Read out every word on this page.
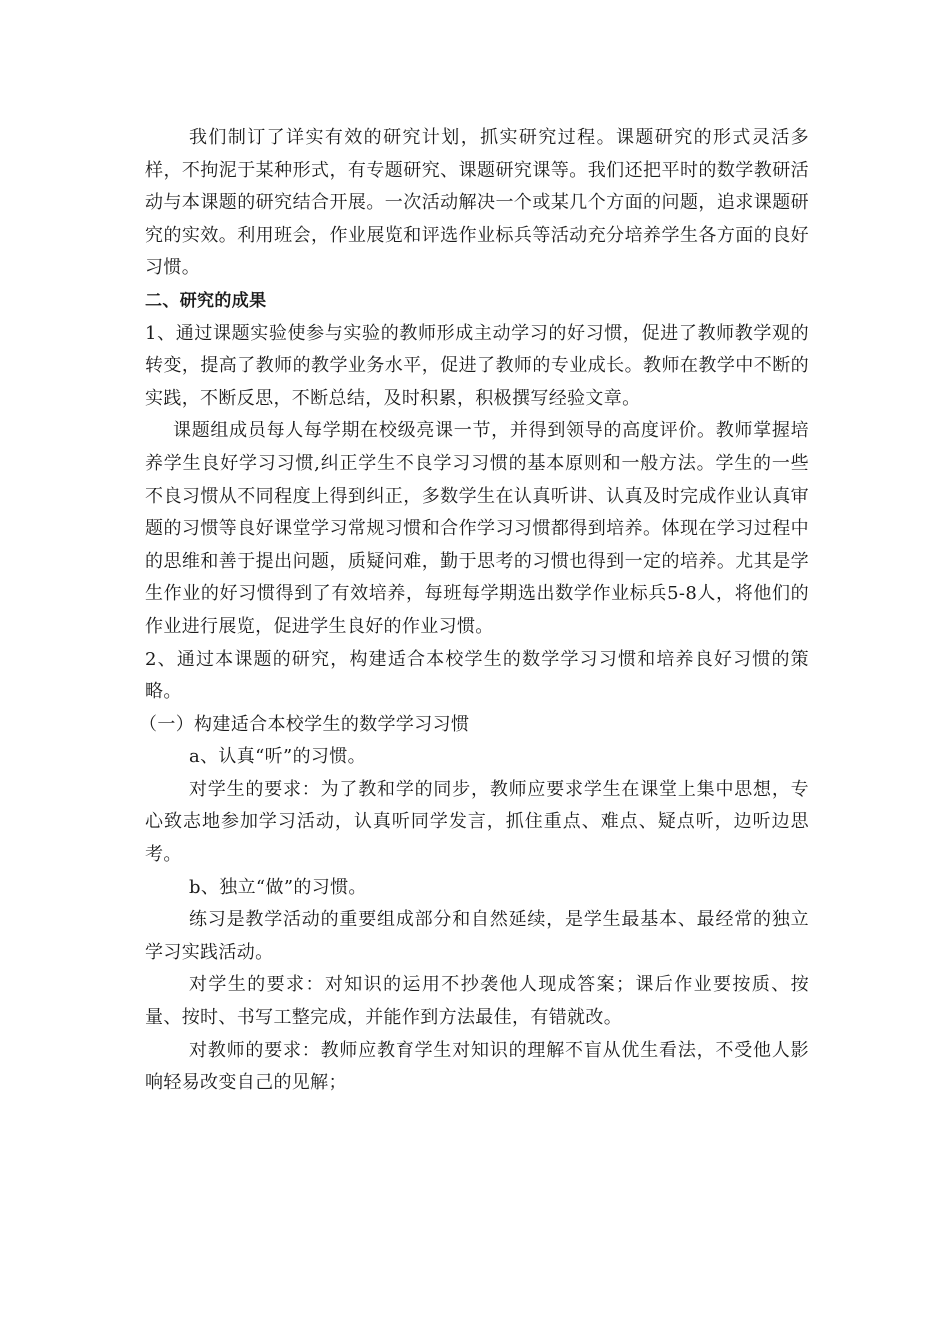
我们制订了详实有效的研究计划，抓实研究过程。课题研究的形式灵活多样，不拘泥于某种形式，有专题研究、课题研究课等。我们还把平时的数学教研活动与本课题的研究结合开展。一次活动解决一个或某几个方面的问题，追求课题研究的实效。利用班会，作业展览和评选作业标兵等活动充分培养学生各方面的良好习惯。

二、研究的成果

1、通过课题实验使参与实验的教师形成主动学习的好习惯，促进了教师教学观的转变，提高了教师的教学业务水平，促进了教师的专业成长。教师在教学中不断的实践，不断反思，不断总结，及时积累，积极撰写经验文章。

课题组成员每人每学期在校级亮课一节，并得到领导的高度评价。教师掌握培养学生良好学习习惯,纠正学生不良学习习惯的基本原则和一般方法。学生的一些不良习惯从不同程度上得到纠正，多数学生在认真听讲、认真及时完成作业认真审题的习惯等良好课堂学习常规习惯和合作学习习惯都得到培养。体现在学习过程中的思维和善于提出问题，质疑问难，勤于思考的习惯也得到一定的培养。尤其是学生作业的好习惯得到了有效培养，每班每学期选出数学作业标兵5-8人，将他们的作业进行展览，促进学生良好的作业习惯。

2、通过本课题的研究，构建适合本校学生的数学学习习惯和培养良好习惯的策略。

（一）构建适合本校学生的数学学习习惯

a、认真“听”的习惯。

对学生的要求：为了教和学的同步，教师应要求学生在课堂上集中思想，专心致志地参加学习活动，认真听同学发言，抓住重点、难点、疑点听，边听边思考。

b、独立“做”的习惯。

练习是教学活动的重要组成部分和自然延续，是学生最基本、最经常的独立学习实践活动。

对学生的要求：对知识的运用不抄袭他人现成答案；课后作业要按质、按量、按时、书写工整完成，并能作到方法最佳，有错就改。

对教师的要求：教师应教育学生对知识的理解不盲从优生看法，不受他人影响轻易改变自己的见解；
